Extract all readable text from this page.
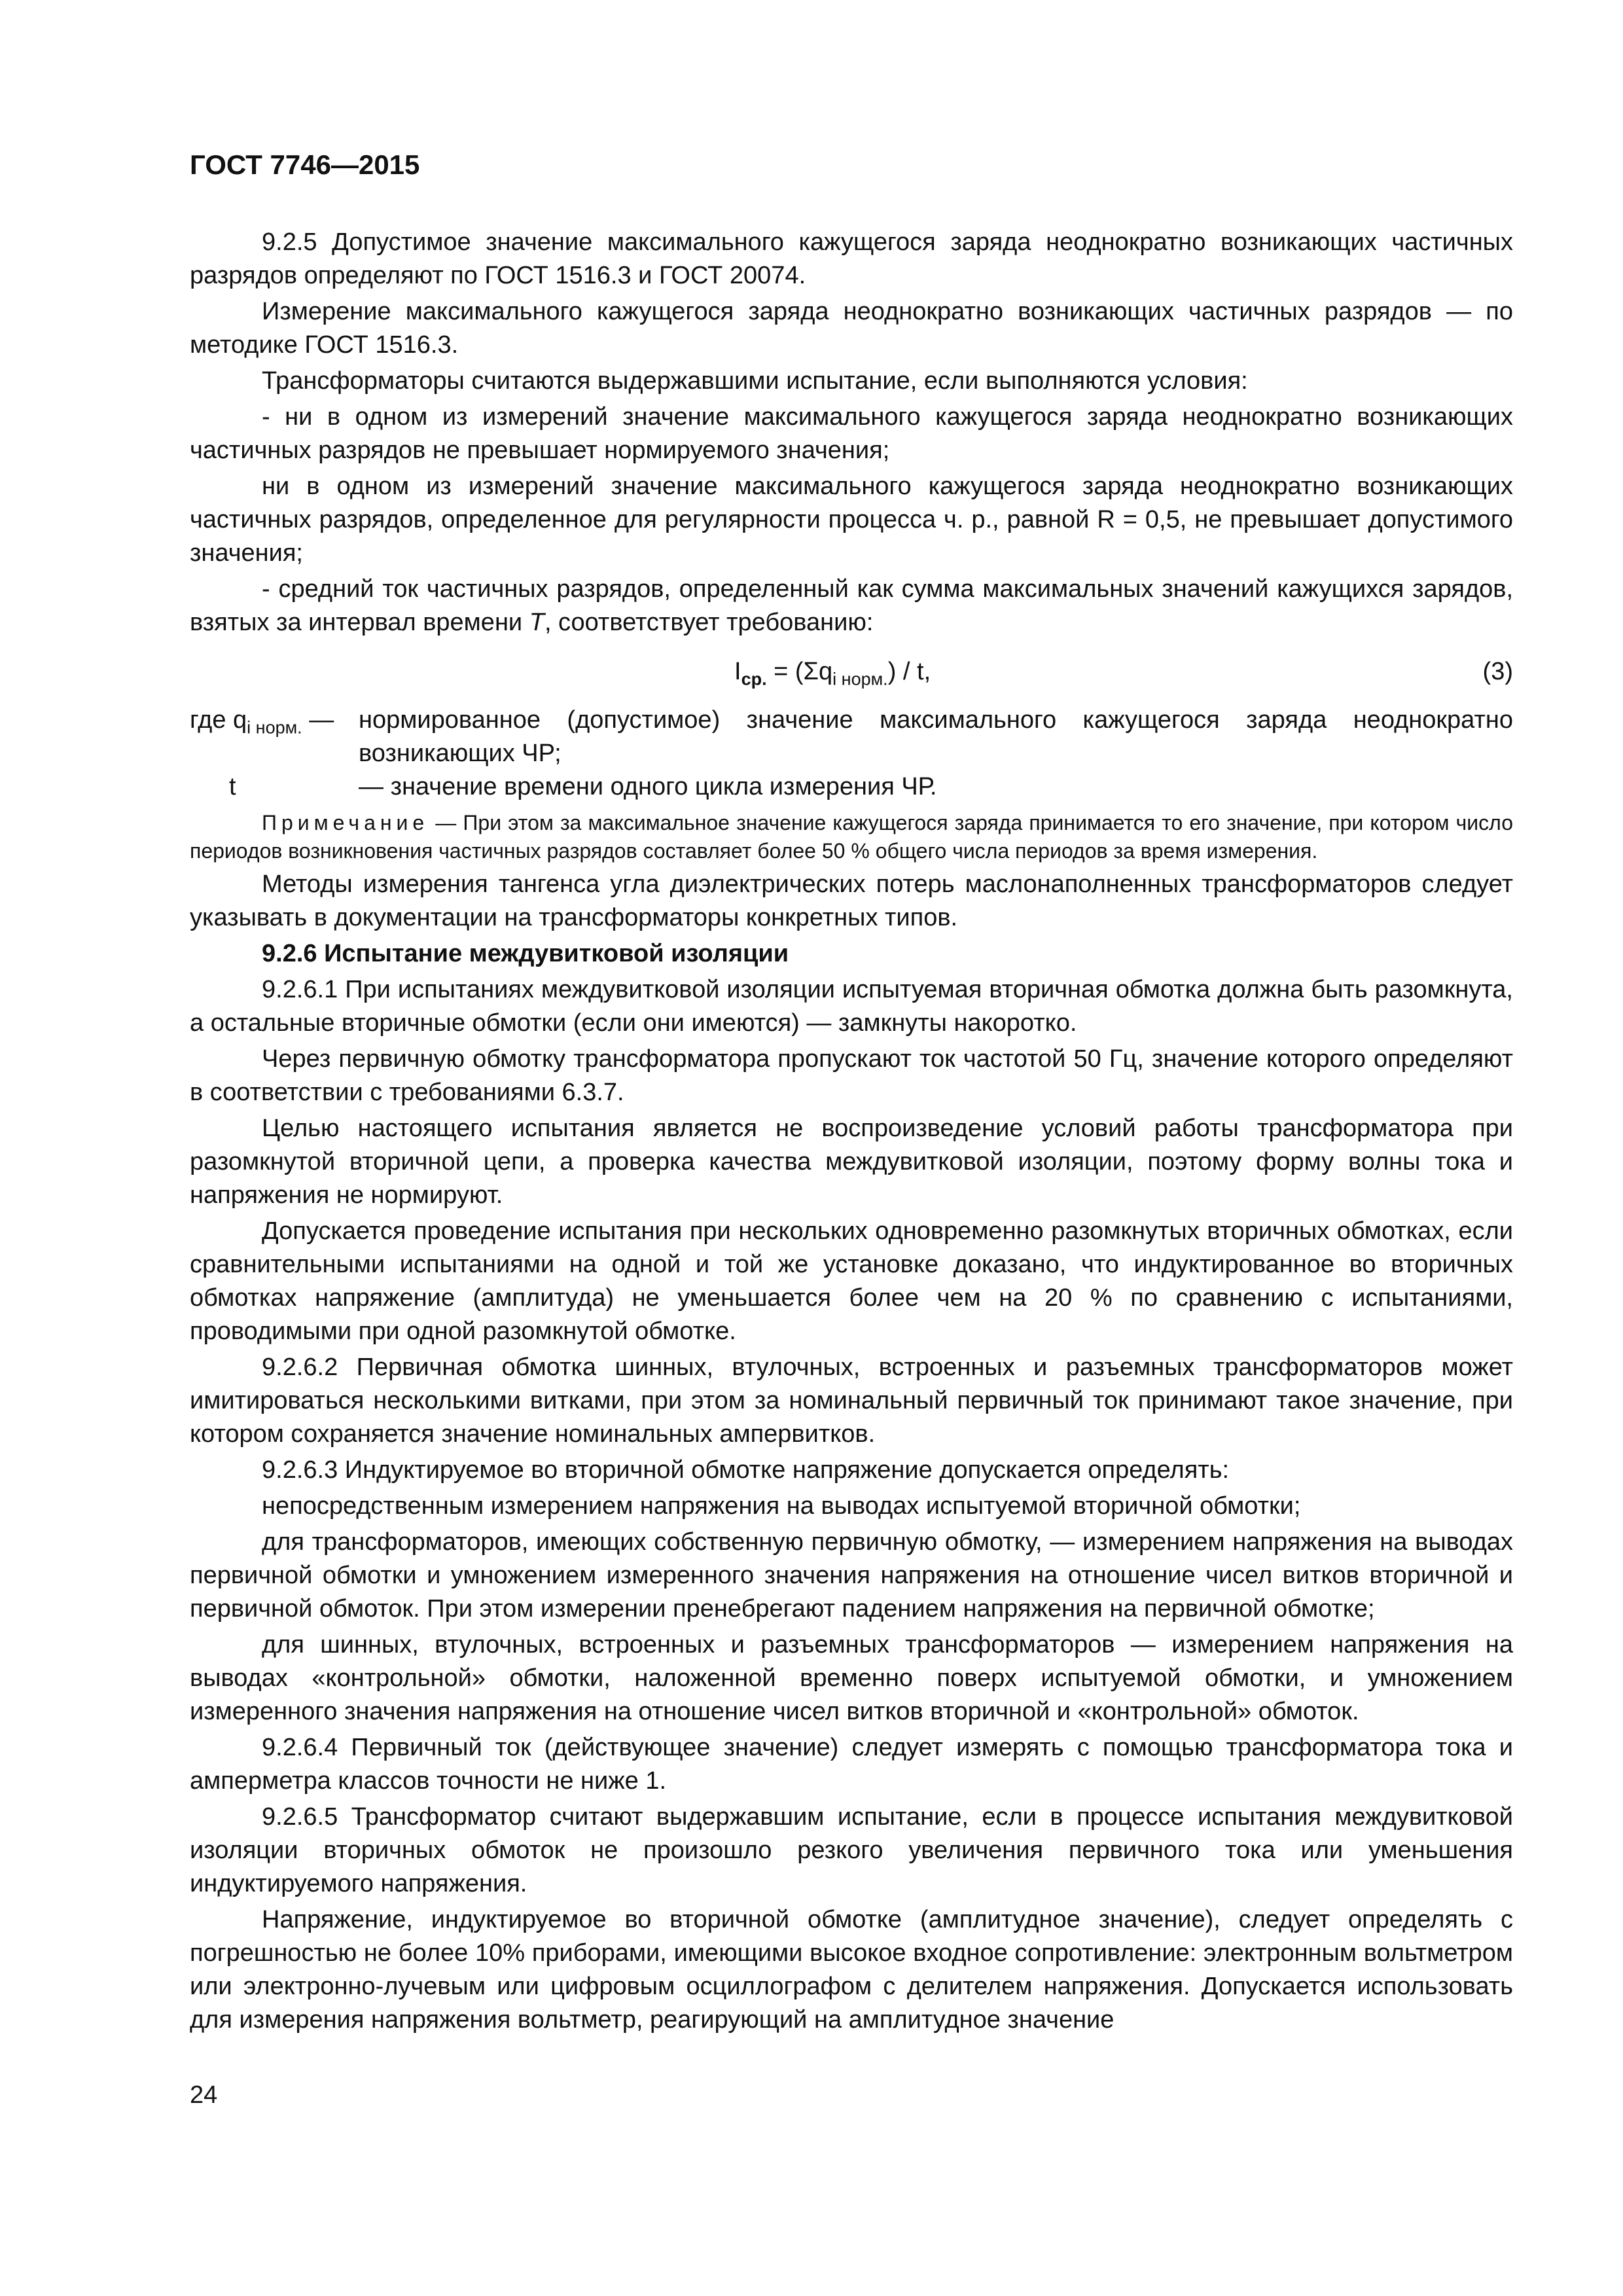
ГОСТ 7746—2015

9.2.5 Допустимое значение максимального кажущегося заряда неоднократно возникающих частичных разрядов определяют по ГОСТ 1516.3 и ГОСТ 20074.

Измерение максимального кажущегося заряда неоднократно возникающих частичных разрядов — по методике ГОСТ 1516.3.

Трансформаторы считаются выдержавшими испытание, если выполняются условия:

- ни в одном из измерений значение максимального кажущегося заряда неоднократно возникающих частичных разрядов не превышает нормируемого значения;

ни в одном из измерений значение максимального кажущегося заряда неоднократно возникающих частичных разрядов, определенное для регулярности процесса ч. р., равной R = 0,5, не превышает допустимого значения;

- средний ток частичных разрядов, определенный как сумма максимальных значений кажущихся зарядов, взятых за интервал времени T, соответствует требованию:

$I_{ср.} = (\Sigma q_{i норм.}) / t$,	(3)
где $q_{i норм.}$ — нормированное (допустимое) значение максимального кажущегося заряда неоднократно возникающих ЧР;
t	— значение времени одного цикла измерения ЧР.

Примечание — При этом за максимальное значение кажущегося заряда принимается то его значение, при котором число периодов возникновения частичных разрядов составляет более 50 % общего числа периодов за время измерения.

Методы измерения тангенса угла диэлектрических потерь маслонаполненных трансформаторов следует указывать в документации на трансформаторы конкретных типов.

9.2.6 Испытание междувитковой изоляции

9.2.6.1 При испытаниях междувитковой изоляции испытуемая вторичная обмотка должна быть разомкнута, а остальные вторичные обмотки (если они имеются) — замкнуты накоротко.

Через первичную обмотку трансформатора пропускают ток частотой 50 Гц, значение которого определяют в соответствии с требованиями 6.3.7.

Целью настоящего испытания является не воспроизведение условий работы трансформатора при разомкнутой вторичной цепи, а проверка качества междувитковой изоляции, поэтому форму волны тока и напряжения не нормируют.

Допускается проведение испытания при нескольких одновременно разомкнутых вторичных обмотках, если сравнительными испытаниями на одной и той же установке доказано, что индуктированное во вторичных обмотках напряжение (амплитуда) не уменьшается более чем на 20 % по сравнению с испытаниями, проводимыми при одной разомкнутой обмотке.

9.2.6.2 Первичная обмотка шинных, втулочных, встроенных и разъемных трансформаторов может имитироваться несколькими витками, при этом за номинальный первичный ток принимают такое значение, при котором сохраняется значение номинальных ампервитков.

9.2.6.3 Индуктируемое во вторичной обмотке напряжение допускается определять:

непосредственным измерением напряжения на выводах испытуемой вторичной обмотки;

для трансформаторов, имеющих собственную первичную обмотку, — измерением напряжения на выводах первичной обмотки и умножением измеренного значения напряжения на отношение чисел витков вторичной и первичной обмоток. При этом измерении пренебрегают падением напряжения на первичной обмотке;

для шинных, втулочных, встроенных и разъемных трансформаторов — измерением напряжения на выводах «контрольной» обмотки, наложенной временно поверх испытуемой обмотки, и умножением измеренного значения напряжения на отношение чисел витков вторичной и «контрольной» обмоток.

9.2.6.4 Первичный ток (действующее значение) следует измерять с помощью трансформатора тока и амперметра классов точности не ниже 1.

9.2.6.5 Трансформатор считают выдержавшим испытание, если в процессе испытания междувитковой изоляции вторичных обмоток не произошло резкого увеличения первичного тока или уменьшения индуктируемого напряжения.

Напряжение, индуктируемое во вторичной обмотке (амплитудное значение), следует определять с погрешностью не более 10% приборами, имеющими высокое входное сопротивление: электронным вольтметром или электронно-лучевым или цифровым осциллографом с делителем напряжения. Допускается использовать для измерения напряжения вольтметр, реагирующий на амплитудное значение

24
